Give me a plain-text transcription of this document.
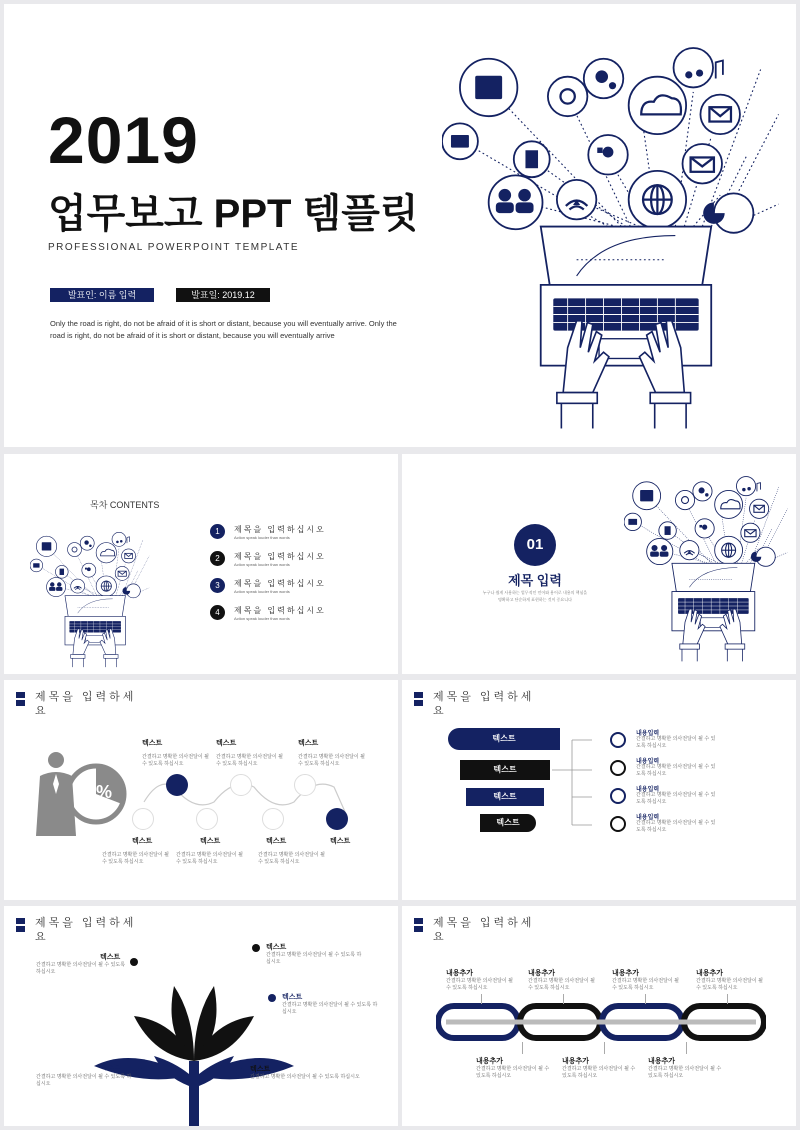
2019
업무보고 PPT 템플릿
PROFESSIONAL POWERPOINT TEMPLATE
발표인: 이름 입력	발표일: 2019.12
Only the road is right, do not be afraid of it is short or distant, because you will eventually arrive. Only the road is right, do not be afraid of it is short or distant, because you will eventually arrive
목차 CONTENTS
1	제목을 입력하십시오
Action speak louder than words
2	제목을 입력하십시오
Action speak louder than words
3	제목을 입력하십시오
Action speak louder than words
4	제목을 입력하십시오
Action speak louder than words
01
제목 입력
누구나 쉽게 사용하는 업무적인 언어와 용어로 내용의 핵심을
명확하고 단순하게 표현하는 것이 중요니다
제목을 입력하세요
%
텍스트
간결하고 명확한 의사전달이 될 수 있도록 하십시오
텍스트
간결하고 명확한 의사전달이 될 수 있도록 하십시오
텍스트
간결하고 명확한 의사전달이 될 수 있도록 하십시오
텍스트
간결하고 명확한 의사전달이 될 수 있도록 하십시오
텍스트
간결하고 명확한 의사전달이 될 수 있도록 하십시오
텍스트
간결하고 명확한 의사전달이 될 수 있도록 하십시오
텍스트
제목을 입력하세요
텍스트
텍스트
텍스트
텍스트
내용입력
간결하고 명확한 의사전달이 될 수 있도록 하십시오
내용입력
간결하고 명확한 의사전달이 될 수 있도록 하십시오
내용입력
간결하고 명확한 의사전달이 될 수 있도록 하십시오
내용입력
간결하고 명확한 의사전달이 될 수 있도록 하십시오
제목을 입력하세요
텍스트
간결하고 명확한 의사전달이 될 수 있도록 하십시오
텍스트
간결하고 명확한 의사전달이 될 수 있도록 하십시오
텍스트
간결하고 명확한 의사전달이 될 수 있도록 하십시오
텍스트
간결하고 명확한 의사전달이 될 수 있도록 하십시오
텍스트
간결하고 명확한 의사전달이 될 수 있도록 하십시오
제목을 입력하세요
내용추가
간결하고 명확한 의사전달이 될 수 있도록 하십시오
내용추가
간결하고 명확한 의사전달이 될 수 있도록 하십시오
내용추가
간결하고 명확한 의사전달이 될 수 있도록 하십시오
내용추가
간결하고 명확한 의사전달이 될 수 있도록 하십시오
내용추가
간결하고 명확한 의사전달이 될 수 있도록 하십시오
내용추가
간결하고 명확한 의사전달이 될 수 있도록 하십시오
내용추가
간결하고 명확한 의사전달이 될 수 있도록 하십시오
